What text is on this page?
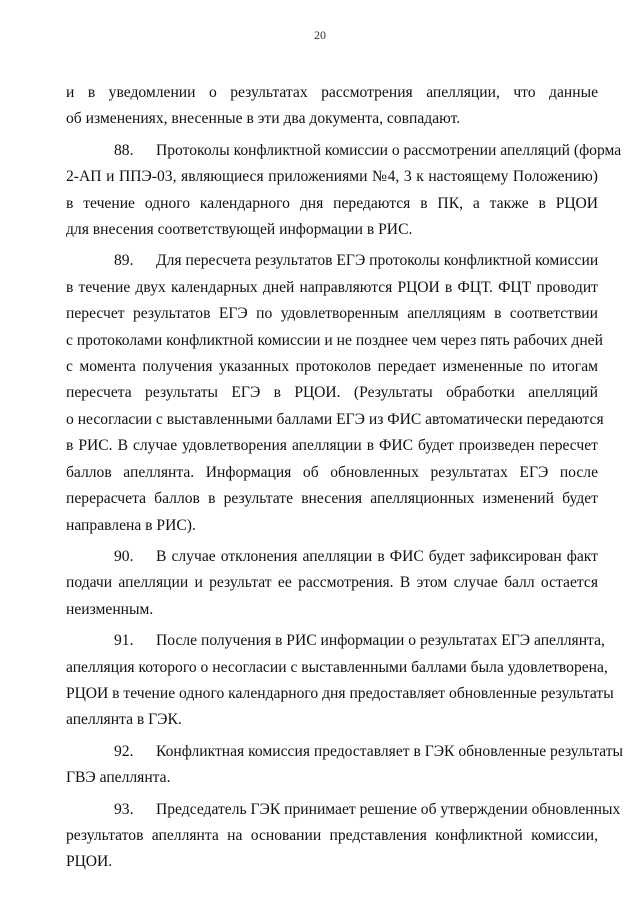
20
и в уведомлении о результатах рассмотрения апелляции, что данные
об изменениях, внесенные в эти два документа, совпадают.
88. Протоколы конфликтной комиссии о рассмотрении апелляций (форма
2-АП и ППЭ-03, являющиеся приложениями №4, 3 к настоящему Положению)
в течение одного календарного дня передаются в ПК, а также в РЦОИ
для внесения соответствующей информации в РИС.
89. Для пересчета результатов ЕГЭ протоколы конфликтной комиссии
в течение двух календарных дней направляются РЦОИ в ФЦТ. ФЦТ проводит
пересчет результатов ЕГЭ по удовлетворенным апелляциям в соответствии
с протоколами конфликтной комиссии и не позднее чем через пять рабочих дней
с момента получения указанных протоколов передает измененные по итогам
пересчета результаты ЕГЭ в РЦОИ. (Результаты обработки апелляций
о несогласии с выставленными баллами ЕГЭ из ФИС автоматически передаются
в РИС. В случае удовлетворения апелляции в ФИС будет произведен пересчет
баллов апеллянта. Информация об обновленных результатах ЕГЭ после
перерасчета баллов в результате внесения апелляционных изменений будет
направлена в РИС).
90. В случае отклонения апелляции в ФИС будет зафиксирован факт
подачи апелляции и результат ее рассмотрения. В этом случае балл остается
неизменным.
91. После получения в РИС информации о результатах ЕГЭ апеллянта,
апелляция которого о несогласии с выставленными баллами была удовлетворена,
РЦОИ в течение одного календарного дня предоставляет обновленные результаты
апеллянта в ГЭК.
92. Конфликтная комиссия предоставляет в ГЭК обновленные результаты
ГВЭ апеллянта.
93. Председатель ГЭК принимает решение об утверждении обновленных
результатов апеллянта на основании представления конфликтной комиссии,
РЦОИ.
